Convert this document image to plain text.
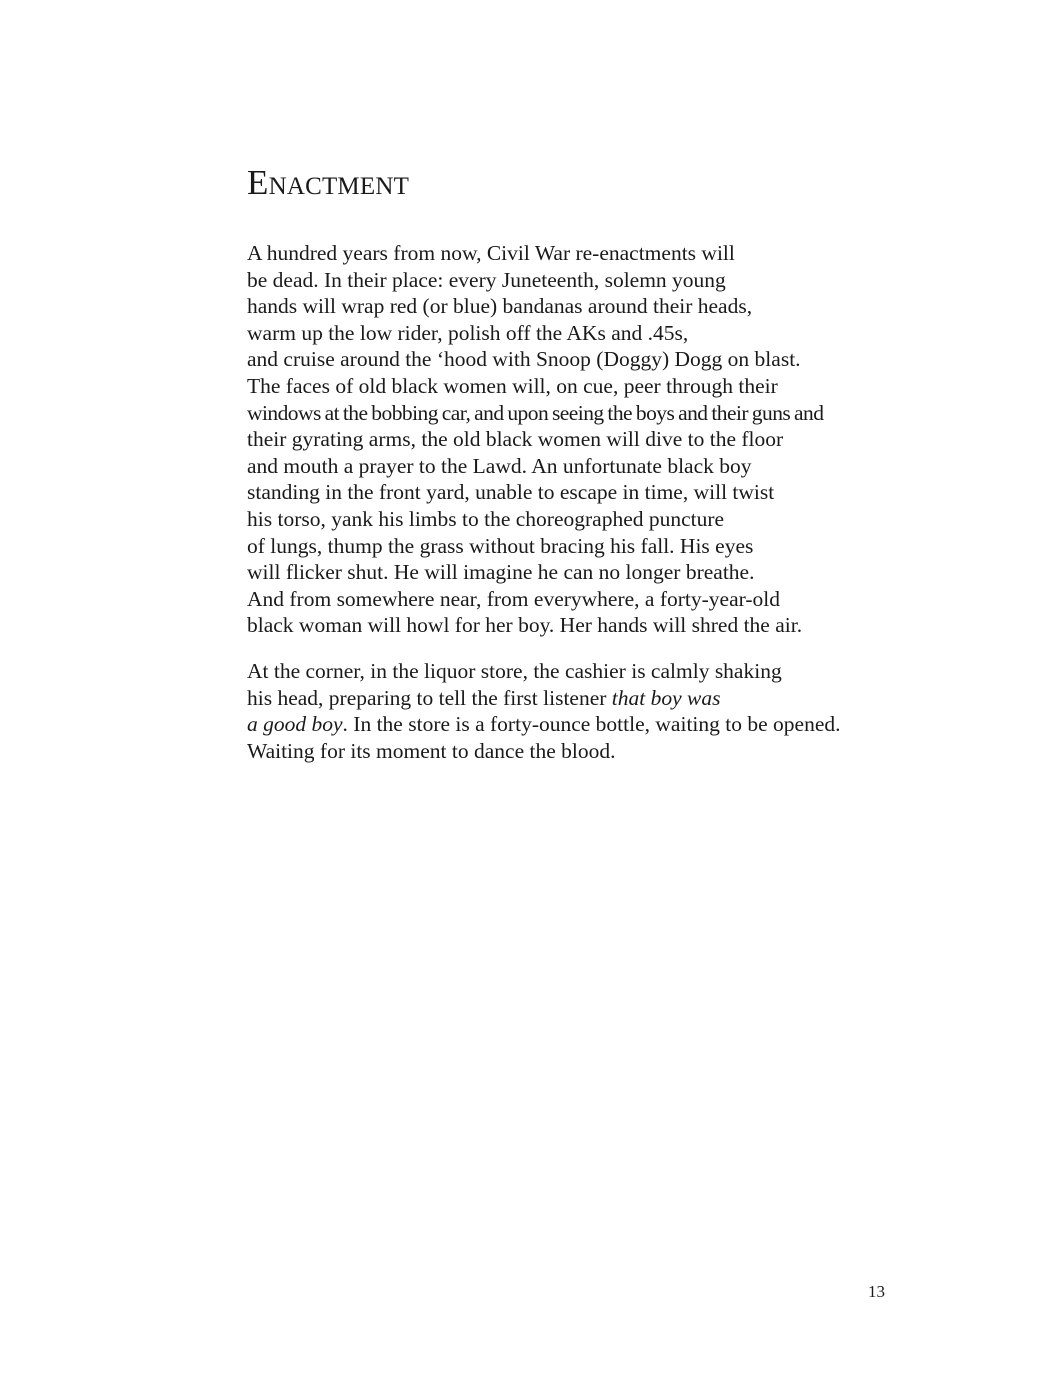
Enactment
A hundred years from now, Civil War re-enactments will
be dead. In their place: every Juneteenth, solemn young
hands will wrap red (or blue) bandanas around their heads,
warm up the low rider, polish off the AKs and .45s,
and cruise around the ‘hood with Snoop (Doggy) Dogg on blast.
The faces of old black women will, on cue, peer through their
windows at the bobbing car, and upon seeing the boys and their guns and
their gyrating arms, the old black women will dive to the floor
and mouth a prayer to the Lawd. An unfortunate black boy
standing in the front yard, unable to escape in time, will twist
his torso, yank his limbs to the choreographed puncture
of lungs, thump the grass without bracing his fall. His eyes
will flicker shut. He will imagine he can no longer breathe.
And from somewhere near, from everywhere, a forty-year-old
black woman will howl for her boy. Her hands will shred the air.
At the corner, in the liquor store, the cashier is calmly shaking
his head, preparing to tell the first listener that boy was
a good boy. In the store is a forty-ounce bottle, waiting to be opened.
Waiting for its moment to dance the blood.
13
